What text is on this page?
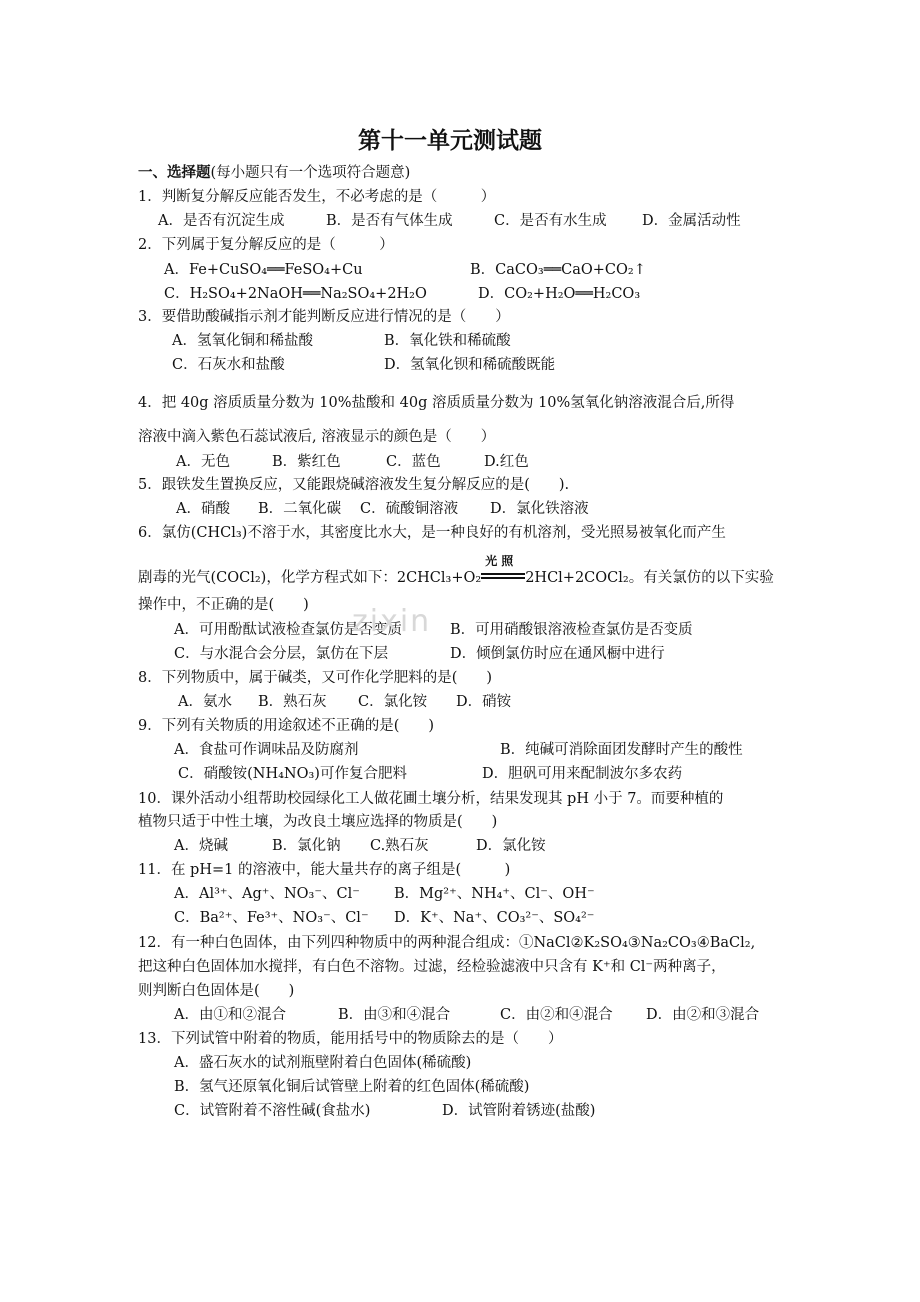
第十一单元测试题
一、选择题(每小题只有一个选项符合题意)
1．判断复分解反应能否发生，不必考虑的是（　　　）
A．是否有沉淀生成	B．是否有气体生成	C．是否有水生成 D．金属活动性
2．下列属于复分解反应的是（　　　）
A．Fe+CuSO₄══FeSO₄+Cu	B．CaCO₃══CaO+CO₂↑
C．H₂SO₄+2NaOH══Na₂SO₄+2H₂O	D．CO₂+H₂O══H₂CO₃
3．要借助酸碱指示剂才能判断反应进行情况的是（　　）
A．氢氧化铜和稀盐酸	B．氧化铁和稀硫酸
C．石灰水和盐酸	D．氢氧化钡和稀硫酸既能
4．把 40g 溶质质量分数为 10%盐酸和 40g 溶质质量分数为 10%氢氧化钠溶液混合后,所得
溶液中滴入紫色石蕊试液后, 溶液显示的颜色是（　　）
A．无色	B．紫红色	C．蓝色	D.红色
5．跟铁发生置换反应，又能跟烧碱溶液发生复分解反应的是(　　).
A．硝酸 B．二氧化碳 C．硫酸铜溶液 D．氯化铁溶液
6．氯仿(CHCl₃)不溶于水，其密度比水大，是一种良好的有机溶剂，受光照易被氧化而产生
剧毒的光气(COCl₂)，化学方程式如下：2CHCl₃+O₂
光照
2HCl+2COCl₂。有关氯仿的以下实验
操作中，不正确的是(　　)
A．可用酚酞试液检查氯仿是否变质	B．可用硝酸银溶液检查氯仿是否变质
C．与水混合会分层，氯仿在下层	D．倾倒氯仿时应在通风橱中进行
zixin
8．下列物质中，属于碱类，又可作化学肥料的是(　　)
A．氨水 B．熟石灰 C．氯化铵 D．硝铵
9．下列有关物质的用途叙述不正确的是(　　)
A．食盐可作调味品及防腐剂	B．纯碱可消除面团发酵时产生的酸性
C．硝酸铵(NH₄NO₃)可作复合肥料	D．胆矾可用来配制波尔多农药
10．课外活动小组帮助校园绿化工人做花圃土壤分析，结果发现其 pH 小于 7。而要种植的
植物只适于中性土壤，为改良土壤应选择的物质是(　　)
A．烧碱	B．氯化钠 C.熟石灰	D．氯化铵
11．在 pH=1 的溶液中，能大量共存的离子组是(　　　)
A．Al³⁺、Ag⁺、NO₃⁻、Cl⁻ B．Mg²⁺、NH₄⁺、Cl⁻、OH⁻
C．Ba²⁺、Fe³⁺、NO₃⁻、Cl⁻ D．K⁺、Na⁺、CO₃²⁻、SO₄²⁻
12．有一种白色固体，由下列四种物质中的两种混合组成：①NaCl②K₂SO₄③Na₂CO₃④BaCl₂,
把这种白色固体加水搅拌，有白色不溶物。过滤，经检验滤液中只含有 K⁺和 Cl⁻两种离子，
则判断白色固体是(　　)
A．由①和②混合	B．由③和④混合	C．由②和④混合 D．由②和③混合
13．下列试管中附着的物质，能用括号中的物质除去的是（　　）
A．盛石灰水的试剂瓶壁附着白色固体(稀硫酸)
B．氢气还原氧化铜后试管壁上附着的红色固体(稀硫酸)
C．试管附着不溶性碱(食盐水)	D．试管附着锈迹(盐酸)
